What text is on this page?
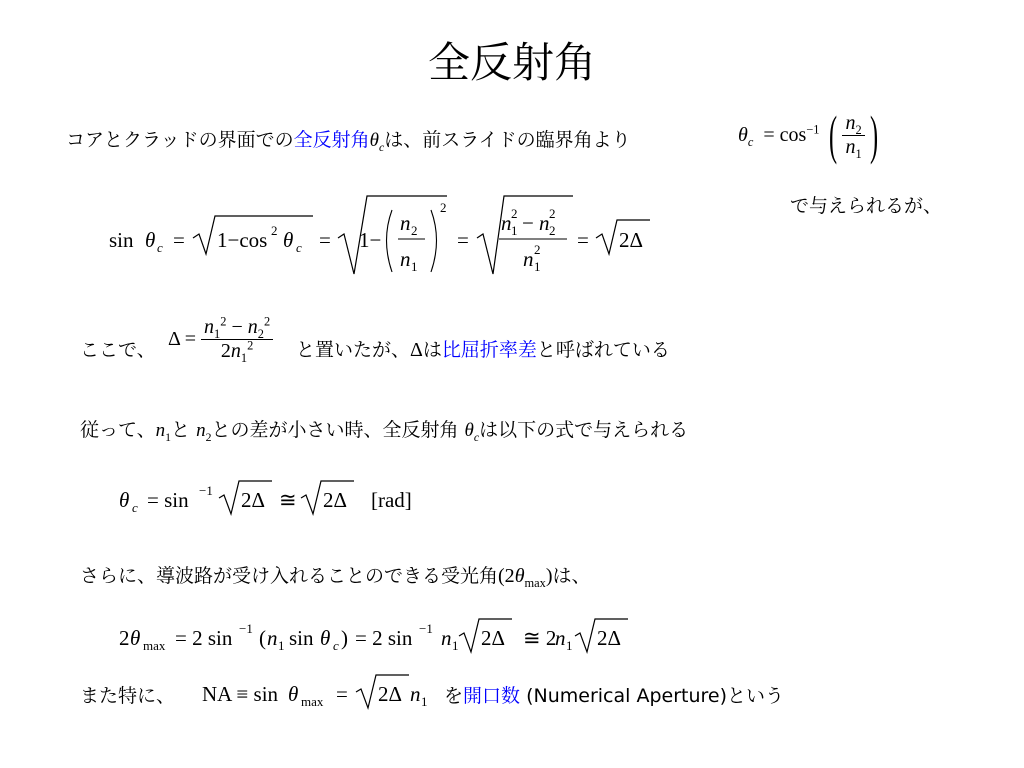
全反射角
コアとクラッドの界面での全反射角$\theta_c$は、前スライドの臨界角より	$\theta_c = \cos^{-1}$ ( $\frac{n_2}{n_1}$ )
で与えられるが、
sin θ c = 1−cos 2 θ c = 1−
n 2
n 1
2
=
n 2
1 − n 2
2
n 2
1
= 2Δ
ここで、 $\Delta = \frac{n_1^2 - n_2^2}{2n_1^2}$ と置いたが、Δは比屈折率差と呼ばれている
従って、$n_1$と $n_2$との差が小さい時、全反射角 $\theta_c$は以下の式で与えられる
θ c = sin −1 2Δ ≅ 2Δ [rad]
さらに、導波路が受け入れることのできる受光角$(2\theta_{max})$は、
2 θ max = 2 sin −1 ( n 1 sin θ c ) = 2 sin −1 n 1 2Δ ≅ 2
n 1 2Δ
また特に、 NA ≡ sin θ max = 2Δ n 1 を開口数 (Numerical Aperture)という
